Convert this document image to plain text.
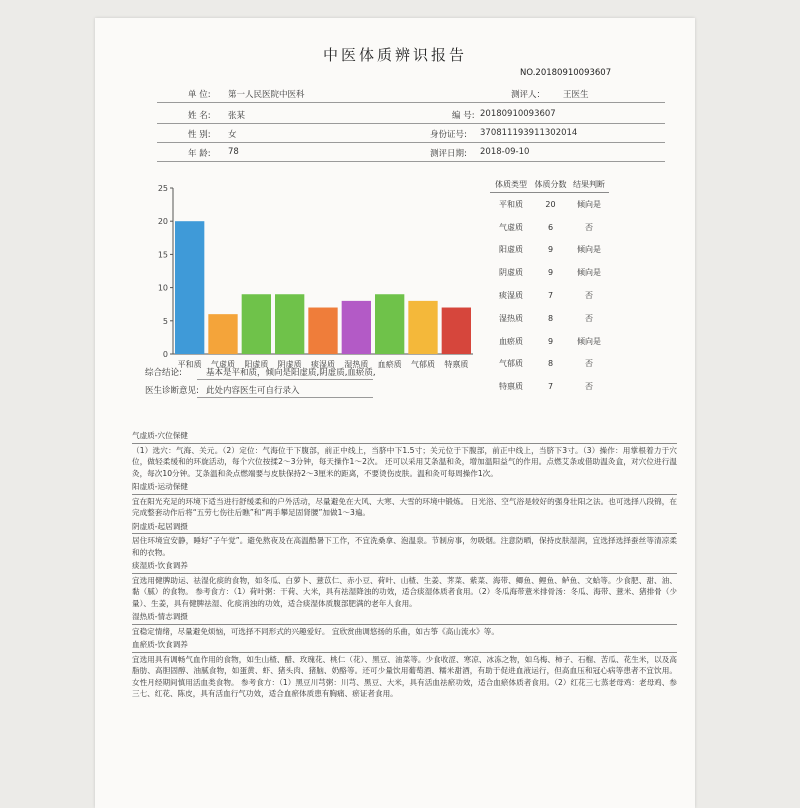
中医体质辨识报告
NO.20180910093607
单 位: 第一人民医院中医科	测评人： 王医生
姓 名: 张某	编 号: 20180910093607
性 别: 女	身份证号: 370811193911302014
年 龄: 78	测评日期: 2018-09-10
0
5
10
15
20
25
平和质 气虚质 阳虚质 阴虚质 痰湿质 湿热质 血瘀质 气郁质 特禀质
体质类型	体质分数	结果判断
平和质	20	倾向是
气虚质	6	否
阳虚质	9	倾向是
阴虚质	9	倾向是
痰湿质	7	否
湿热质	8	否
血瘀质	9	倾向是
气郁质	8	否
特禀质	7	否
综合结论:	基本是平和质，倾向是阳虚质,阴虚质,血瘀质,
医生诊断意见: 此处内容医生可自行录入
气虚质-穴位保健

（1）选穴：气海、关元。（2）定位：气海位于下腹部，前正中线上，当脐中下1.5寸；关元位于下腹部，前正中线上，当脐下3寸。（3）操作：用掌根着力于穴位，做轻柔缓和的环旋活动，每个穴位按揉2～3分钟，每天操作1～2次。 还可以采用艾条温和灸，增加温阳益气的作用。点燃艾条或借助温灸盒，对穴位进行温灸，每次10分钟。艾条温和灸点燃端要与皮肤保持2～3厘米的距离，不要烫伤皮肤。温和灸可每周操作1次。

阳虚质-运动保健

宜在阳光充足的环境下适当进行舒缓柔和的户外活动，尽量避免在大风、大寒、大雪的环境中锻炼。 日光浴、空气浴是较好的强身壮阳之法。也可选择八段锦，在完成整套动作后将“五劳七伤往后瞧”和“两手攀足固肾腰”加做1～3遍。

阴虚质-起居调摄

居住环境宜安静，睡好“子午觉”。避免熬夜及在高温酷暑下工作，不宜洗桑拿、泡温泉。节制房事，勿吸烟。注意防晒，保持皮肤湿润，宜选择选择蚕丝等清凉柔和的衣物。

痰湿质-饮食调养

宜选用健脾助运、祛湿化痰的食物，如冬瓜、白萝卜、薏苡仁、赤小豆、荷叶、山楂、生姜、荠菜、紫菜、海带、鲫鱼、鲤鱼、鲈鱼、文蛤等。少食肥、甜、油、黏（腻）的食物。 参考食方：（1）荷叶粥：干荷、大米，具有祛湿降浊的功效，适合痰湿体质者食用。（2）冬瓜海带薏米排骨汤：冬瓜、海带、薏米、猪排骨（少量）、生姜，具有健脾祛湿、化痰消浊的功效，适合痰湿体质腹部肥满的老年人食用。

湿热质-情志调摄

宜稳定情绪，尽量避免烦恼，可选择不同形式的兴趣爱好。 宜欣赏曲调悠扬的乐曲，如古筝《高山流水》等。

血瘀质-饮食调养

宜选用具有调畅气血作用的食物，如生山楂、醋、玫瑰花、桃仁（花）、黑豆、油菜等。少食收涩、寒凉、冰冻之物，如乌梅、柿子、石榴、苦瓜、花生米，以及高脂肪、高胆固醇、油腻食物，如蛋黄、虾、猪头肉、猪脑、奶酪等。还可少量饮用葡萄酒、糯米甜酒，有助于促进血液运行，但高血压和冠心病等患者不宜饮用。女性月经期间慎用活血类食物。 参考食方：（1）黑豆川芎粥：川芎、黑豆、大米，具有活血祛瘀功效，适合血瘀体质者食用。（2）红花三七蒸老母鸡：老母鸡、参三七、红花、陈皮，具有活血行气功效，适合血瘀体质患有胸痛、瘀证者食用。
